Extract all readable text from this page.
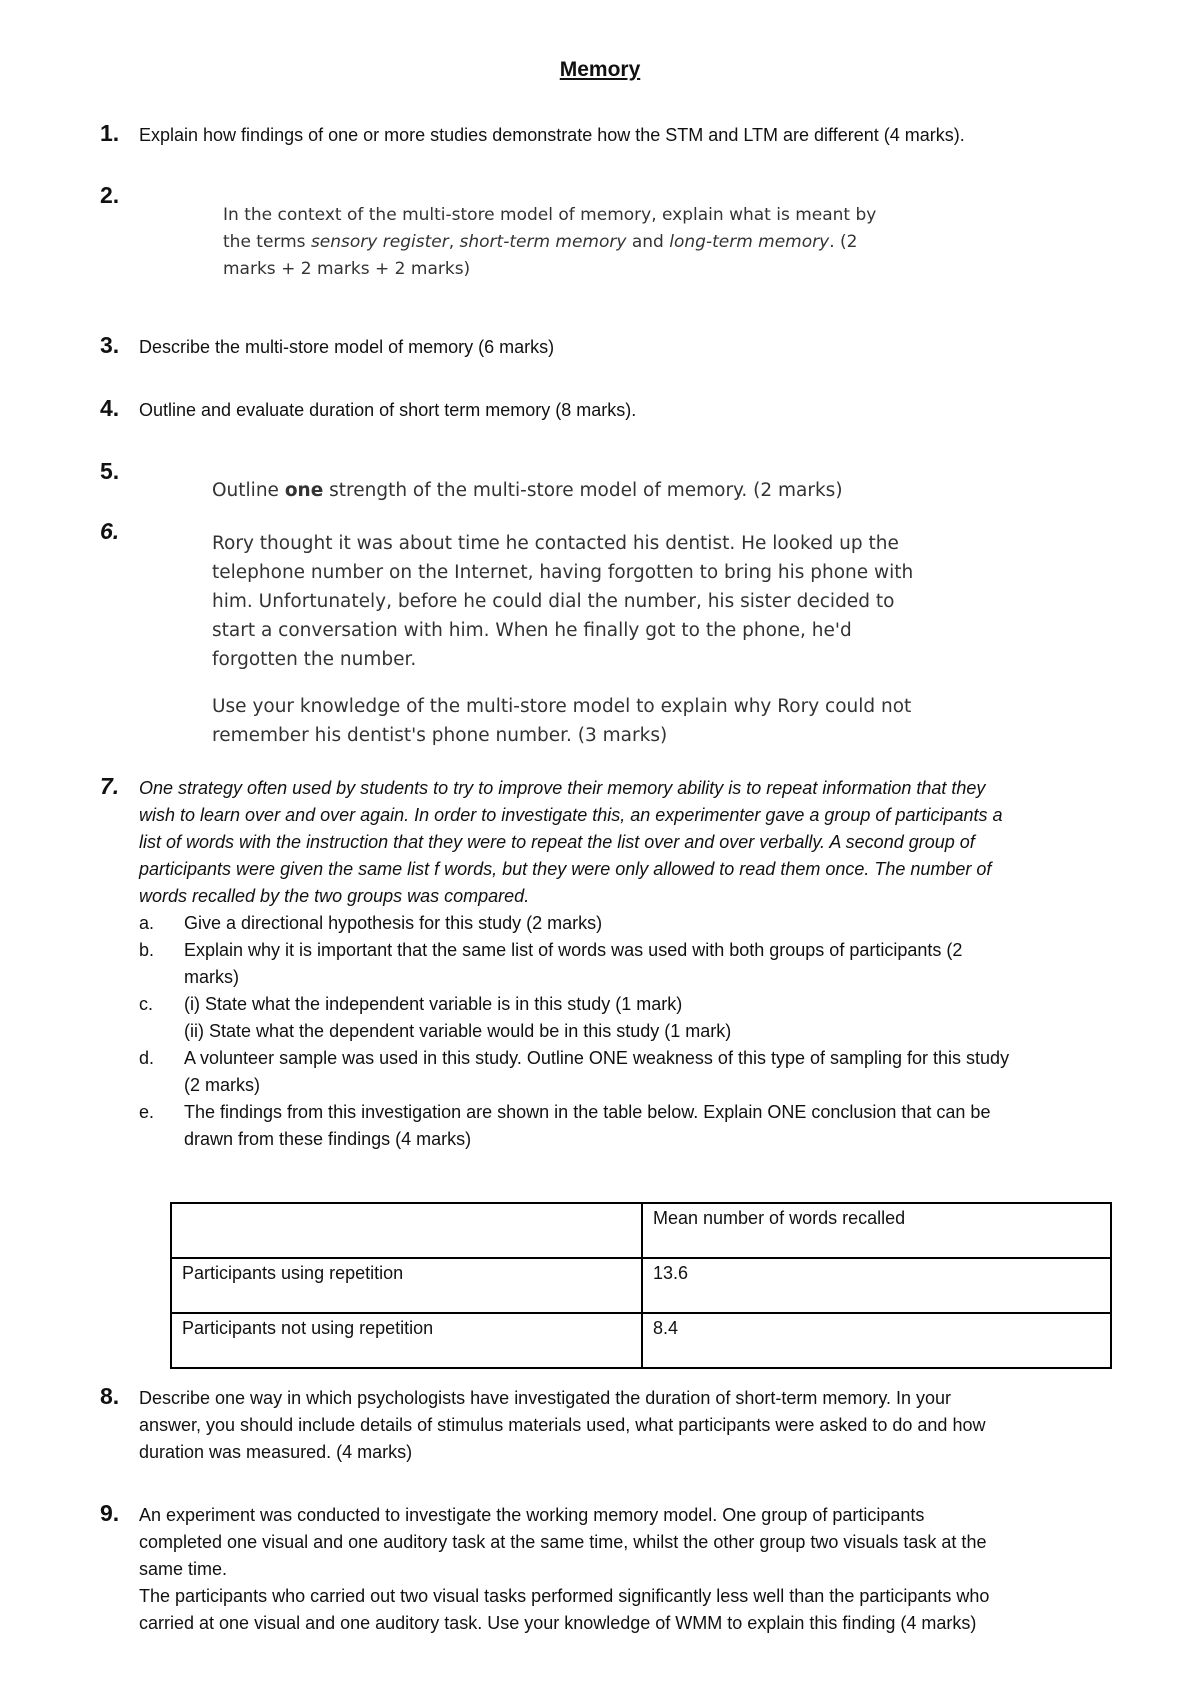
Memory
1. Explain how findings of one or more studies demonstrate how the STM and LTM are different (4 marks).
2.
In the context of the multi-store model of memory, explain what is meant by
the terms sensory register, short-term memory and long-term memory. (2
marks + 2 marks + 2 marks)
3. Describe the multi-store model of memory (6 marks)
4. Outline and evaluate duration of short term memory (8 marks).
5.
Outline one strength of the multi-store model of memory. (2 marks)
6.	Rory thought it was about time he contacted his dentist. He looked up the
telephone number on the Internet, having forgotten to bring his phone with
him. Unfortunately, before he could dial the number, his sister decided to
start a conversation with him. When he finally got to the phone, he'd
forgotten the number.
Use your knowledge of the multi-store model to explain why Rory could not
remember his dentist's phone number. (3 marks)
7. One strategy often used by students to try to improve their memory ability is to repeat information that they
wish to learn over and over again. In order to investigate this, an experimenter gave a group of participants a
list of words with the instruction that they were to repeat the list over and over verbally. A second group of
participants were given the same list f words, but they were only allowed to read them once. The number of
words recalled by the two groups was compared.
a.	Give a directional hypothesis for this study (2 marks)
b.	Explain why it is important that the same list of words was used with both groups of participants (2
marks)
c.	(i) State what the independent variable is in this study (1 mark)
(ii) State what the dependent variable would be in this study (1 mark)
d.	A volunteer sample was used in this study. Outline ONE weakness of this type of sampling for this study
(2 marks)
e.	The findings from this investigation are shown in the table below. Explain ONE conclusion that can be
drawn from these findings (4 marks)
	Mean number of words recalled
Participants using repetition	13.6
Participants not using repetition	8.4
8. Describe one way in which psychologists have investigated the duration of short-term memory. In your
answer, you should include details of stimulus materials used, what participants were asked to do and how
duration was measured. (4 marks)
9. An experiment was conducted to investigate the working memory model. One group of participants
completed one visual and one auditory task at the same time, whilst the other group two visuals task at the
same time.
The participants who carried out two visual tasks performed significantly less well than the participants who
carried at one visual and one auditory task. Use your knowledge of WMM to explain this finding (4 marks)
